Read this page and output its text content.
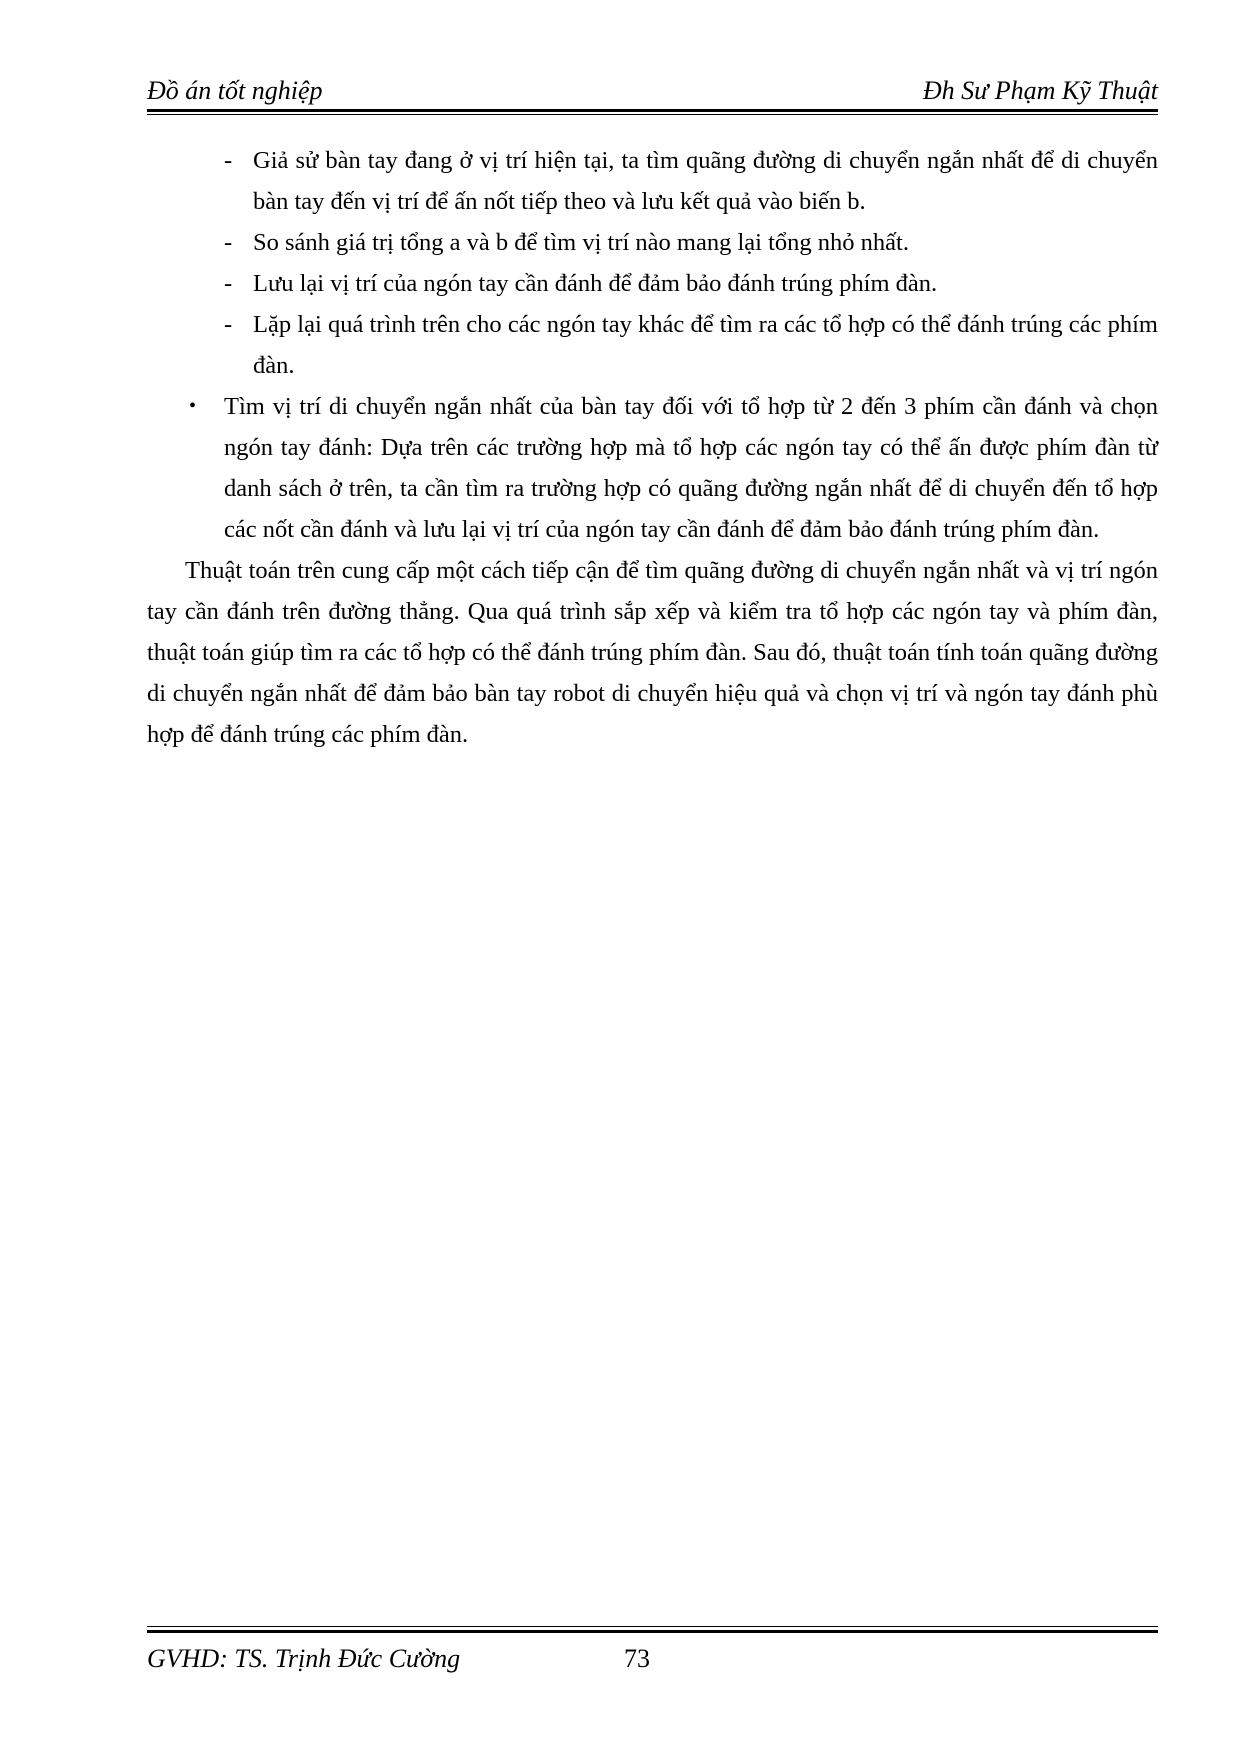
Đồ án tốt nghiệp	Đh Sư Phạm Kỹ Thuật
- Giả sử bàn tay đang ở vị trí hiện tại, ta tìm quãng đường di chuyển ngắn nhất để di chuyển bàn tay đến vị trí để ấn nốt tiếp theo và lưu kết quả vào biến b.
- So sánh giá trị tổng a và b để tìm vị trí nào mang lại tổng nhỏ nhất.
- Lưu lại vị trí của ngón tay cần đánh để đảm bảo đánh trúng phím đàn.
- Lặp lại quá trình trên cho các ngón tay khác để tìm ra các tổ hợp có thể đánh trúng các phím đàn.
• Tìm vị trí di chuyển ngắn nhất của bàn tay đối với tổ hợp từ 2 đến 3 phím cần đánh và chọn ngón tay đánh: Dựa trên các trường hợp mà tổ hợp các ngón tay có thể ấn được phím đàn từ danh sách ở trên, ta cần tìm ra trường hợp có quãng đường ngắn nhất để di chuyển đến tổ hợp các nốt cần đánh và lưu lại vị trí của ngón tay cần đánh để đảm bảo đánh trúng phím đàn.

Thuật toán trên cung cấp một cách tiếp cận để tìm quãng đường di chuyển ngắn nhất và vị trí ngón tay cần đánh trên đường thẳng. Qua quá trình sắp xếp và kiểm tra tổ hợp các ngón tay và phím đàn, thuật toán giúp tìm ra các tổ hợp có thể đánh trúng phím đàn. Sau đó, thuật toán tính toán quãng đường di chuyển ngắn nhất để đảm bảo bàn tay robot di chuyển hiệu quả và chọn vị trí và ngón tay đánh phù hợp để đánh trúng các phím đàn.

GVHD: TS. Trịnh Đức Cường	73
